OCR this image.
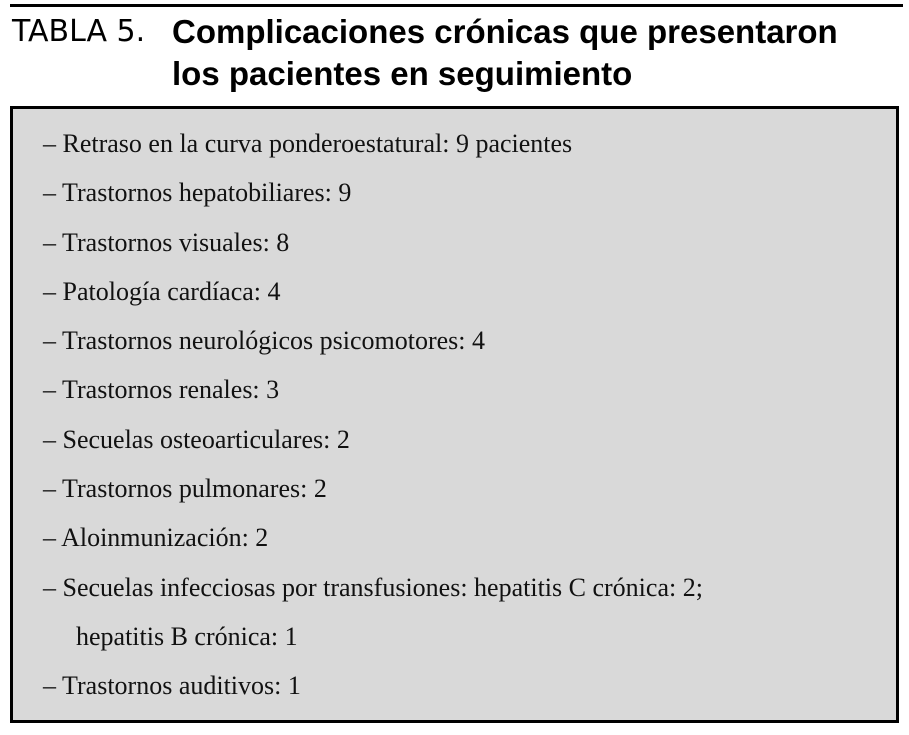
TABLA 5. Complicaciones crónicas que presentaron
los pacientes en seguimiento
– Retraso en la curva ponderoestatural: 9 pacientes
– Trastornos hepatobiliares: 9
– Trastornos visuales: 8
– Patología cardíaca: 4
– Trastornos neurológicos psicomotores: 4
– Trastornos renales: 3
– Secuelas osteoarticulares: 2
– Trastornos pulmonares: 2
– Aloinmunización: 2
– Secuelas infecciosas por transfusiones: hepatitis C crónica: 2;
hepatitis B crónica: 1
– Trastornos auditivos: 1
